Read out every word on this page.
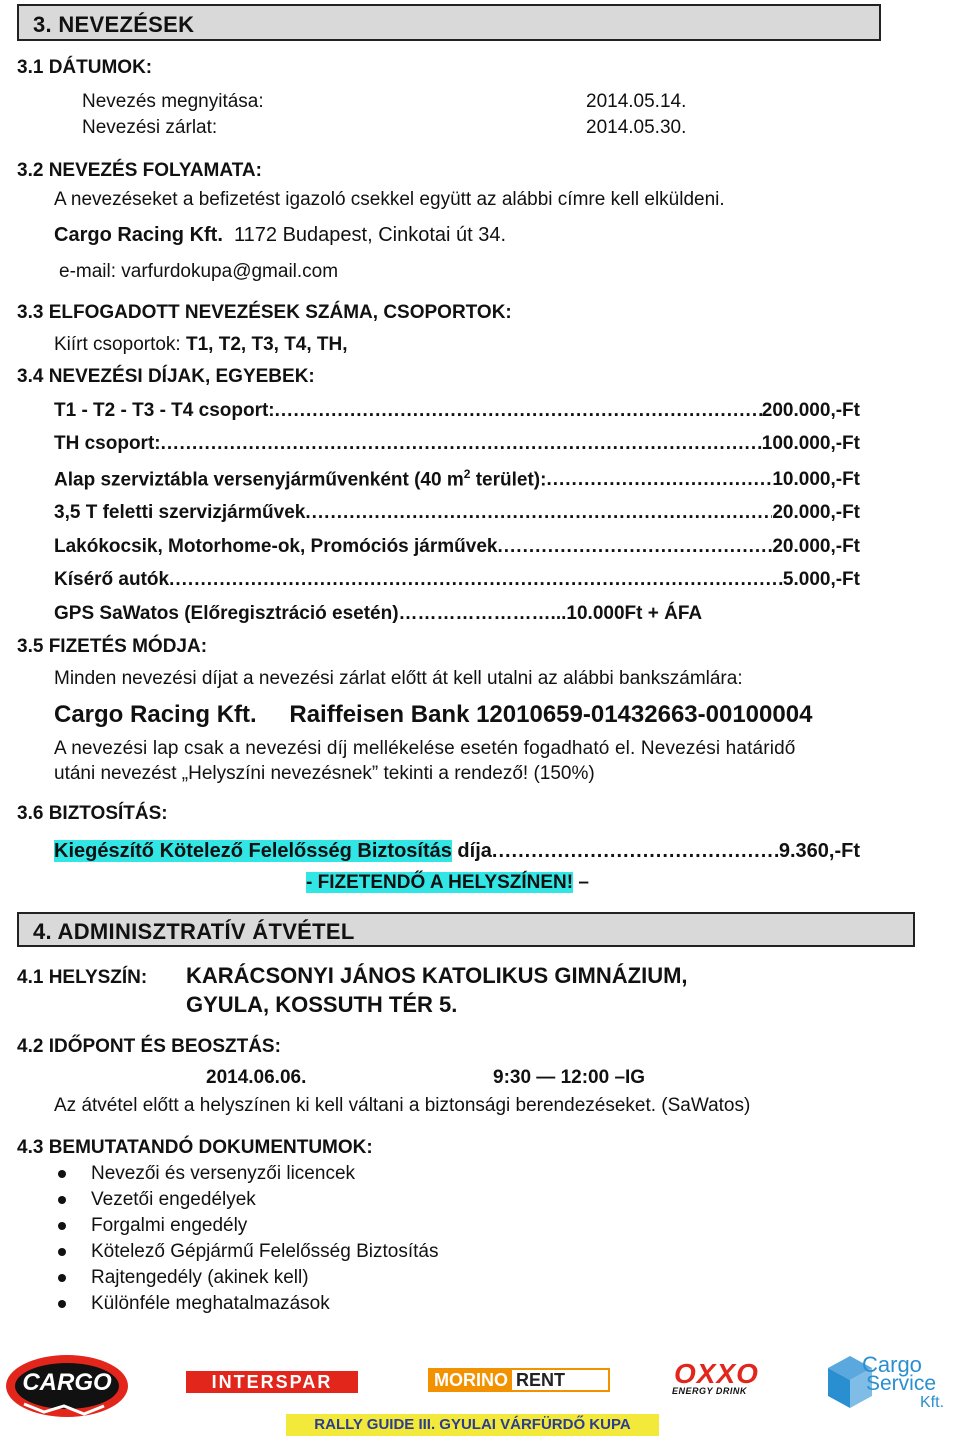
3. NEVEZÉSEK
3.1 DÁTUMOK:
Nevezés megnyitása:	2014.05.14.
Nevezési zárlat:	2014.05.30.
3.2 NEVEZÉS FOLYAMATA:
A nevezéseket a befizetést igazoló csekkel együtt az alábbi címre kell elküldeni.
Cargo Racing Kft. 1172 Budapest, Cinkotai út 34.
e-mail: varfurdokupa@gmail.com
3.3 ELFOGADOTT NEVEZÉSEK SZÁMA, CSOPORTOK:
Kiírt csoportok: T1, T2, T3, T4, TH,
3.4 NEVEZÉSI DÍJAK, EGYEBEK:
T1 - T2 - T3 - T4 csoport: .....	200.000,-Ft
TH csoport: .....	100.000,-Ft
Alap szerviztábla versenyjárművenként (40 $m^2$ terület): .....	10.000,-Ft
3,5 T feletti szervizjárművek .....	20.000,-Ft
Lakókocsik, Motorhome-ok, Promóciós járművek .....	20.000,-Ft
Kísérő autók .....	5.000,-Ft
GPS SaWatos (Előregisztráció esetén)……………………...10.000Ft + ÁFA
3.5 FIZETÉS MÓDJA:
Minden nevezési díjat a nevezési zárlat előtt át kell utalni az alábbi bankszámlára:
Cargo Racing Kft. Raiffeisen Bank 12010659-01432663-00100004
A nevezési lap csak a nevezési díj mellékelése esetén fogadható el. Nevezési határidő
utáni nevezést „Helyszíni nevezésnek” tekinti a rendező! (150%)
3.6 BIZTOSÍTÁS:
Kiegészítő Kötelező Felelősség Biztosítás díja .....	9.360,-Ft
- FIZETENDŐ A HELYSZÍNEN! –
4. ADMINISZTRATÍV ÁTVÉTEL
4.1 HELYSZÍN: KARÁCSONYI JÁNOS KATOLIKUS GIMNÁZIUM,
GYULA, KOSSUTH TÉR 5.
4.2 IDŐPONT ÉS BEOSZTÁS:
2014.06.06.	9:30 — 12:00 –IG
Az átvétel előtt a helyszínen ki kell váltani a biztonsági berendezéseket. (SaWatos)
4.3 BEMUTATANDÓ DOKUMENTUMOK:
Nevezői és versenyzői licencek
Vezetői engedélyek
Forgalmi engedély
Kötelező Gépjármű Felelősség Biztosítás
Rajtengedély (akinek kell)
Különféle meghatalmazások
CARGO	INTERSPAR	MORINO RENT	OXXO
ENERGY DRINK
Cargo
Service
Kft.
RALLY GUIDE III. GYULAI VÁRFÜRDŐ KUPA
